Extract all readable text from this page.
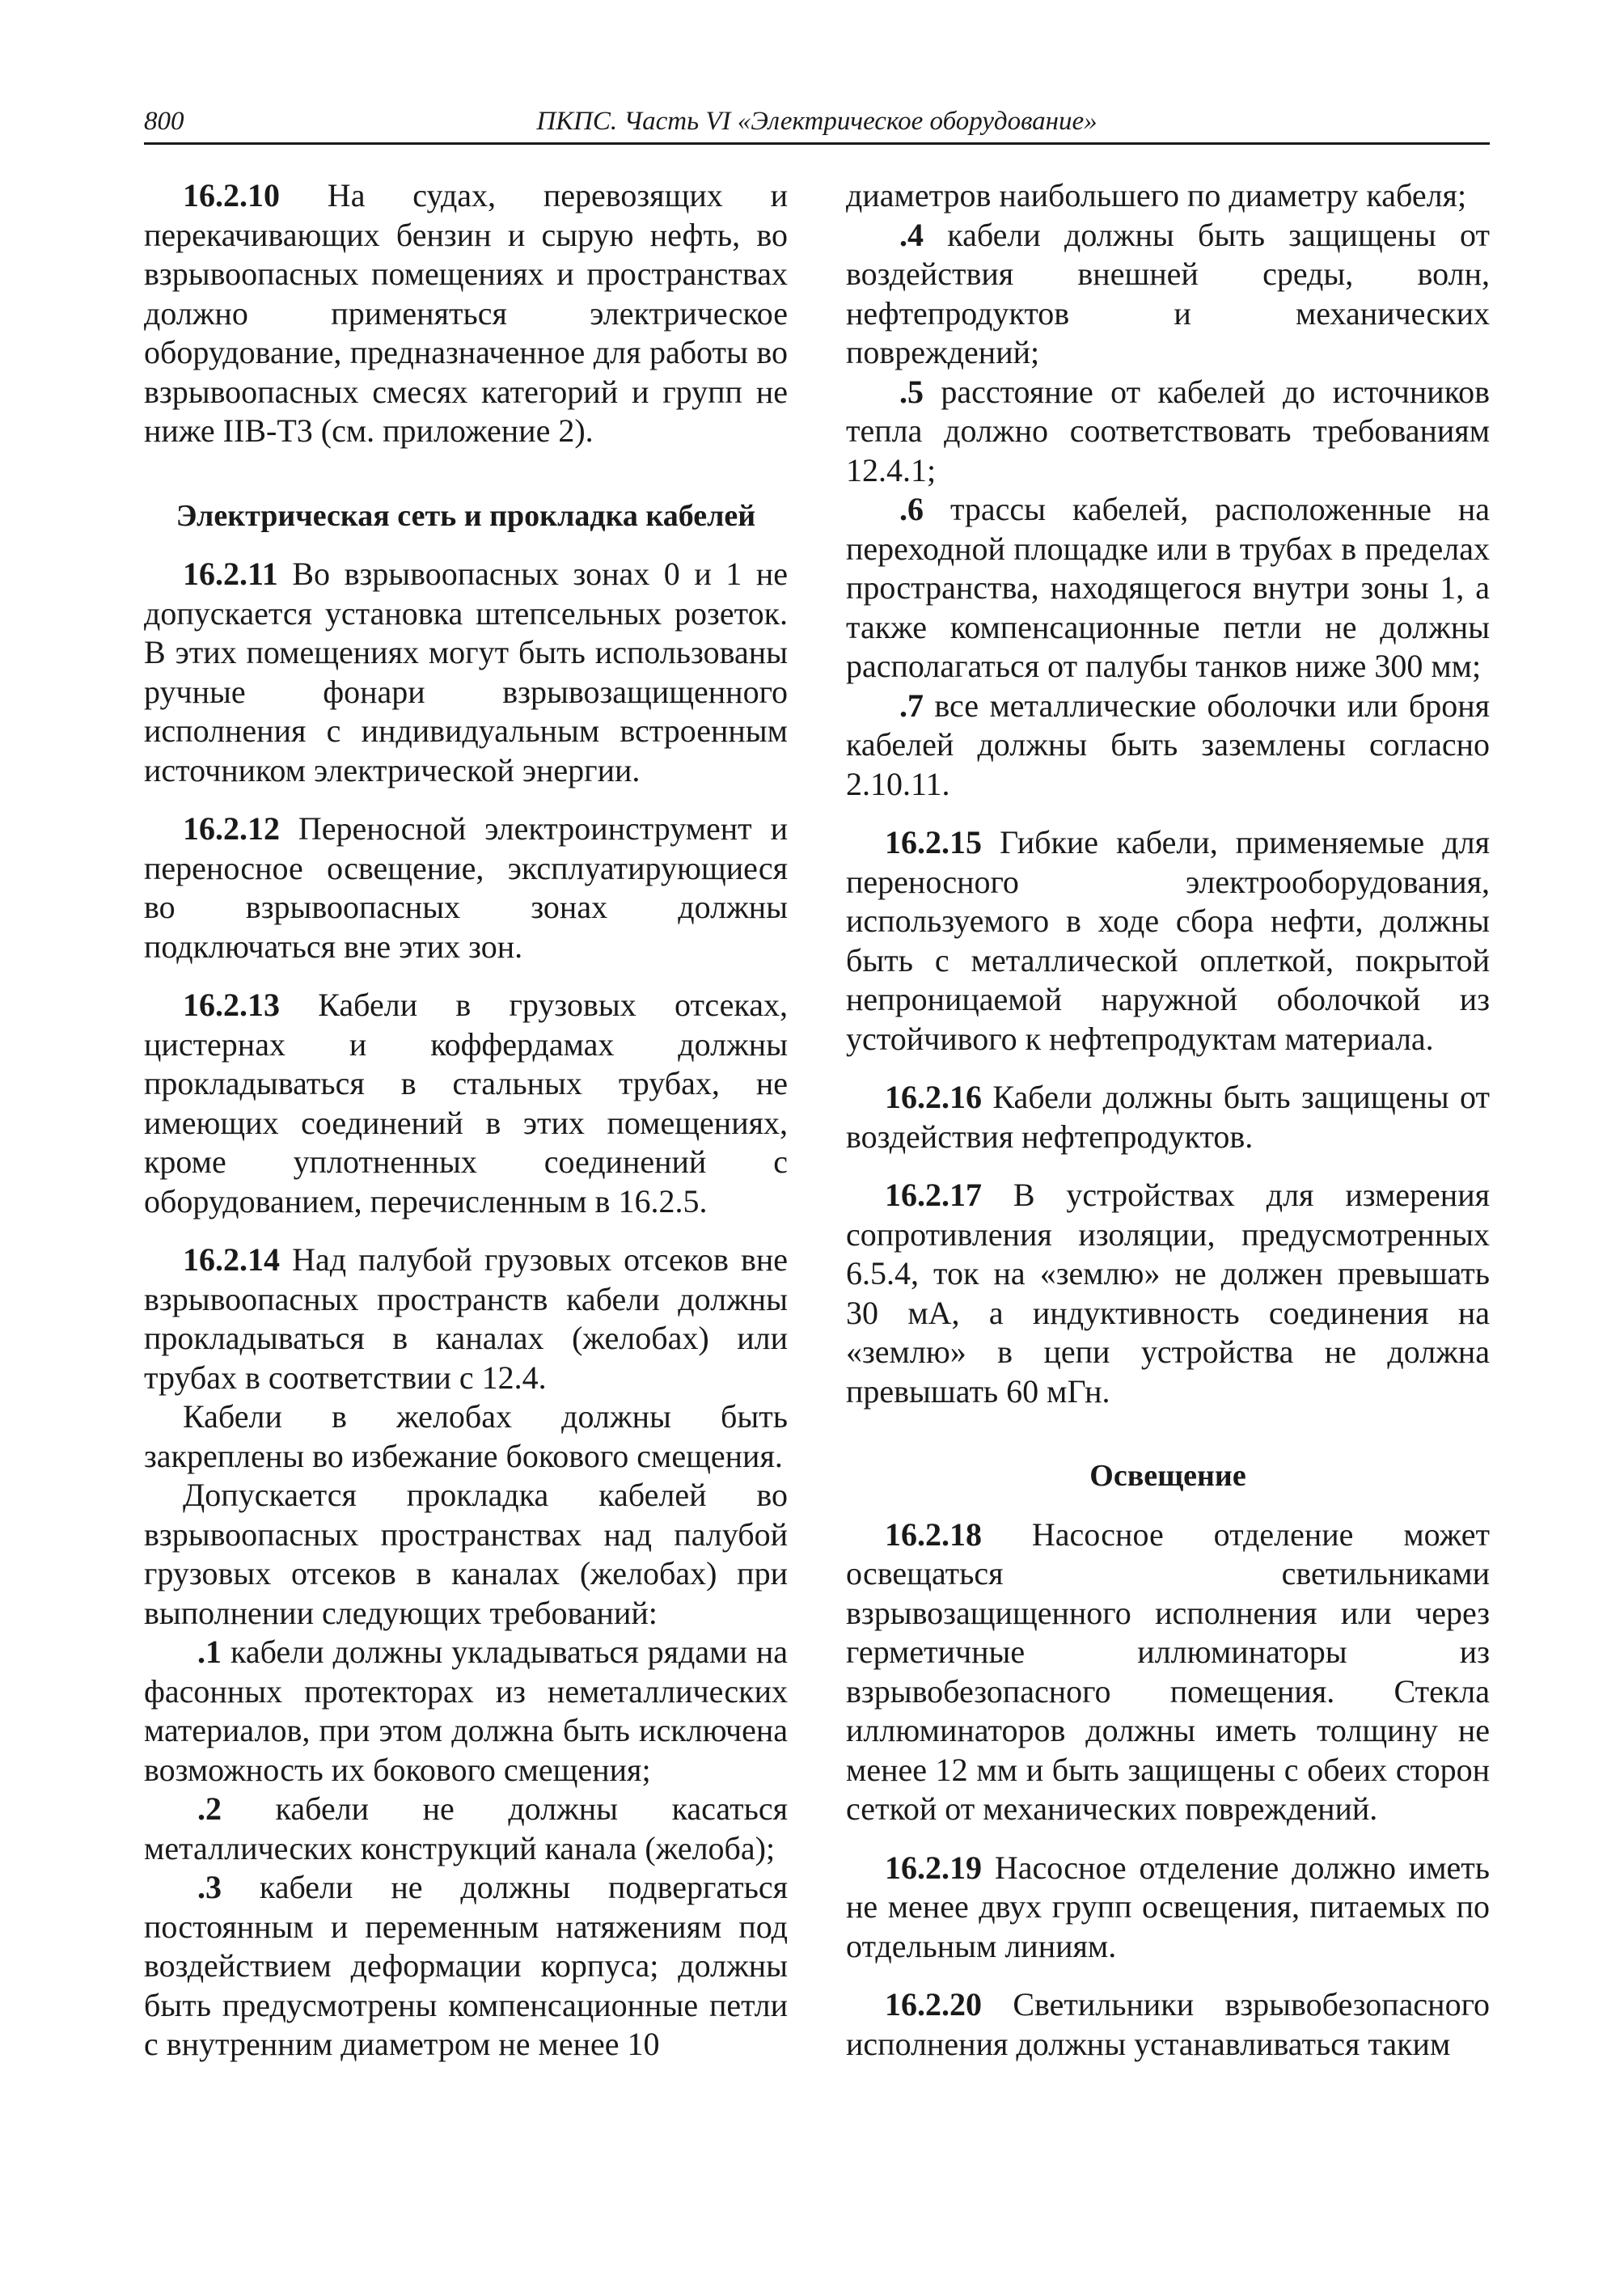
800	ПКПС. Часть VI «Электрическое оборудование»

16.2.10 На судах, перевозящих и перекачивающих бензин и сырую нефть, во взрывоопасных помещениях и пространствах должно применяться электрическое оборудование, предназначенное для работы во взрывоопасных смесях категорий и групп не ниже IIВ-Т3 (см. приложение 2).

Электрическая сеть и прокладка кабелей

16.2.11 Во взрывоопасных зонах 0 и 1 не допускается установка штепсельных розеток. В этих помещениях могут быть использованы ручные фонари взрывозащищенного исполнения с индивидуальным встроенным источником электрической энергии.

16.2.12 Переносной электроинструмент и переносное освещение, эксплуатирующиеся во взрывоопасных зонах должны подключаться вне этих зон.

16.2.13 Кабели в грузовых отсеках, цистернах и коффердамах должны прокладываться в стальных трубах, не имеющих соединений в этих помещениях, кроме уплотненных соединений с оборудованием, перечисленным в 16.2.5.

16.2.14 Над палубой грузовых отсеков вне взрывоопасных пространств кабели должны прокладываться в каналах (желобах) или трубах в соответствии с 12.4.

Кабели в желобах должны быть закреплены во избежание бокового смещения.

Допускается прокладка кабелей во взрывоопасных пространствах над палубой грузовых отсеков в каналах (желобах) при выполнении следующих требований:

.1 кабели должны укладываться рядами на фасонных протекторах из неметаллических материалов, при этом должна быть исключена возможность их бокового смещения;

.2 кабели не должны касаться металлических конструкций канала (желоба);

.3 кабели не должны подвергаться постоянным и переменным натяжениям под воздействием деформации корпуса; должны быть предусмотрены компенсационные петли с внутренним диаметром не менее 10

диаметров наибольшего по диаметру кабеля;

.4 кабели должны быть защищены от воздействия внешней среды, волн, нефтепродуктов и механических повреждений;

.5 расстояние от кабелей до источников тепла должно соответствовать требованиям 12.4.1;

.6 трассы кабелей, расположенные на переходной площадке или в трубах в пределах пространства, находящегося внутри зоны 1, а также компенсационные петли не должны располагаться от палубы танков ниже 300 мм;

.7 все металлические оболочки или броня кабелей должны быть заземлены согласно 2.10.11.

16.2.15 Гибкие кабели, применяемые для переносного электрооборудования, используемого в ходе сбора нефти, должны быть с металлической оплеткой, покрытой непроницаемой наружной оболочкой из устойчивого к нефтепродуктам материала.

16.2.16 Кабели должны быть защищены от воздействия нефтепродуктов.

16.2.17 В устройствах для измерения сопротивления изоляции, предусмотренных 6.5.4, ток на «землю» не должен превышать 30 мА, а индуктивность соединения на «землю» в цепи устройства не должна превышать 60 мГн.

Освещение

16.2.18 Насосное отделение может освещаться светильниками взрывозащищенного исполнения или через герметичные иллюминаторы из взрывобезопасного помещения. Стекла иллюминаторов должны иметь толщину не менее 12 мм и быть защищены с обеих сторон сеткой от механических повреждений.

16.2.19 Насосное отделение должно иметь не менее двух групп освещения, питаемых по отдельным линиям.

16.2.20 Светильники взрывобезопасного исполнения должны устанавливаться таким
